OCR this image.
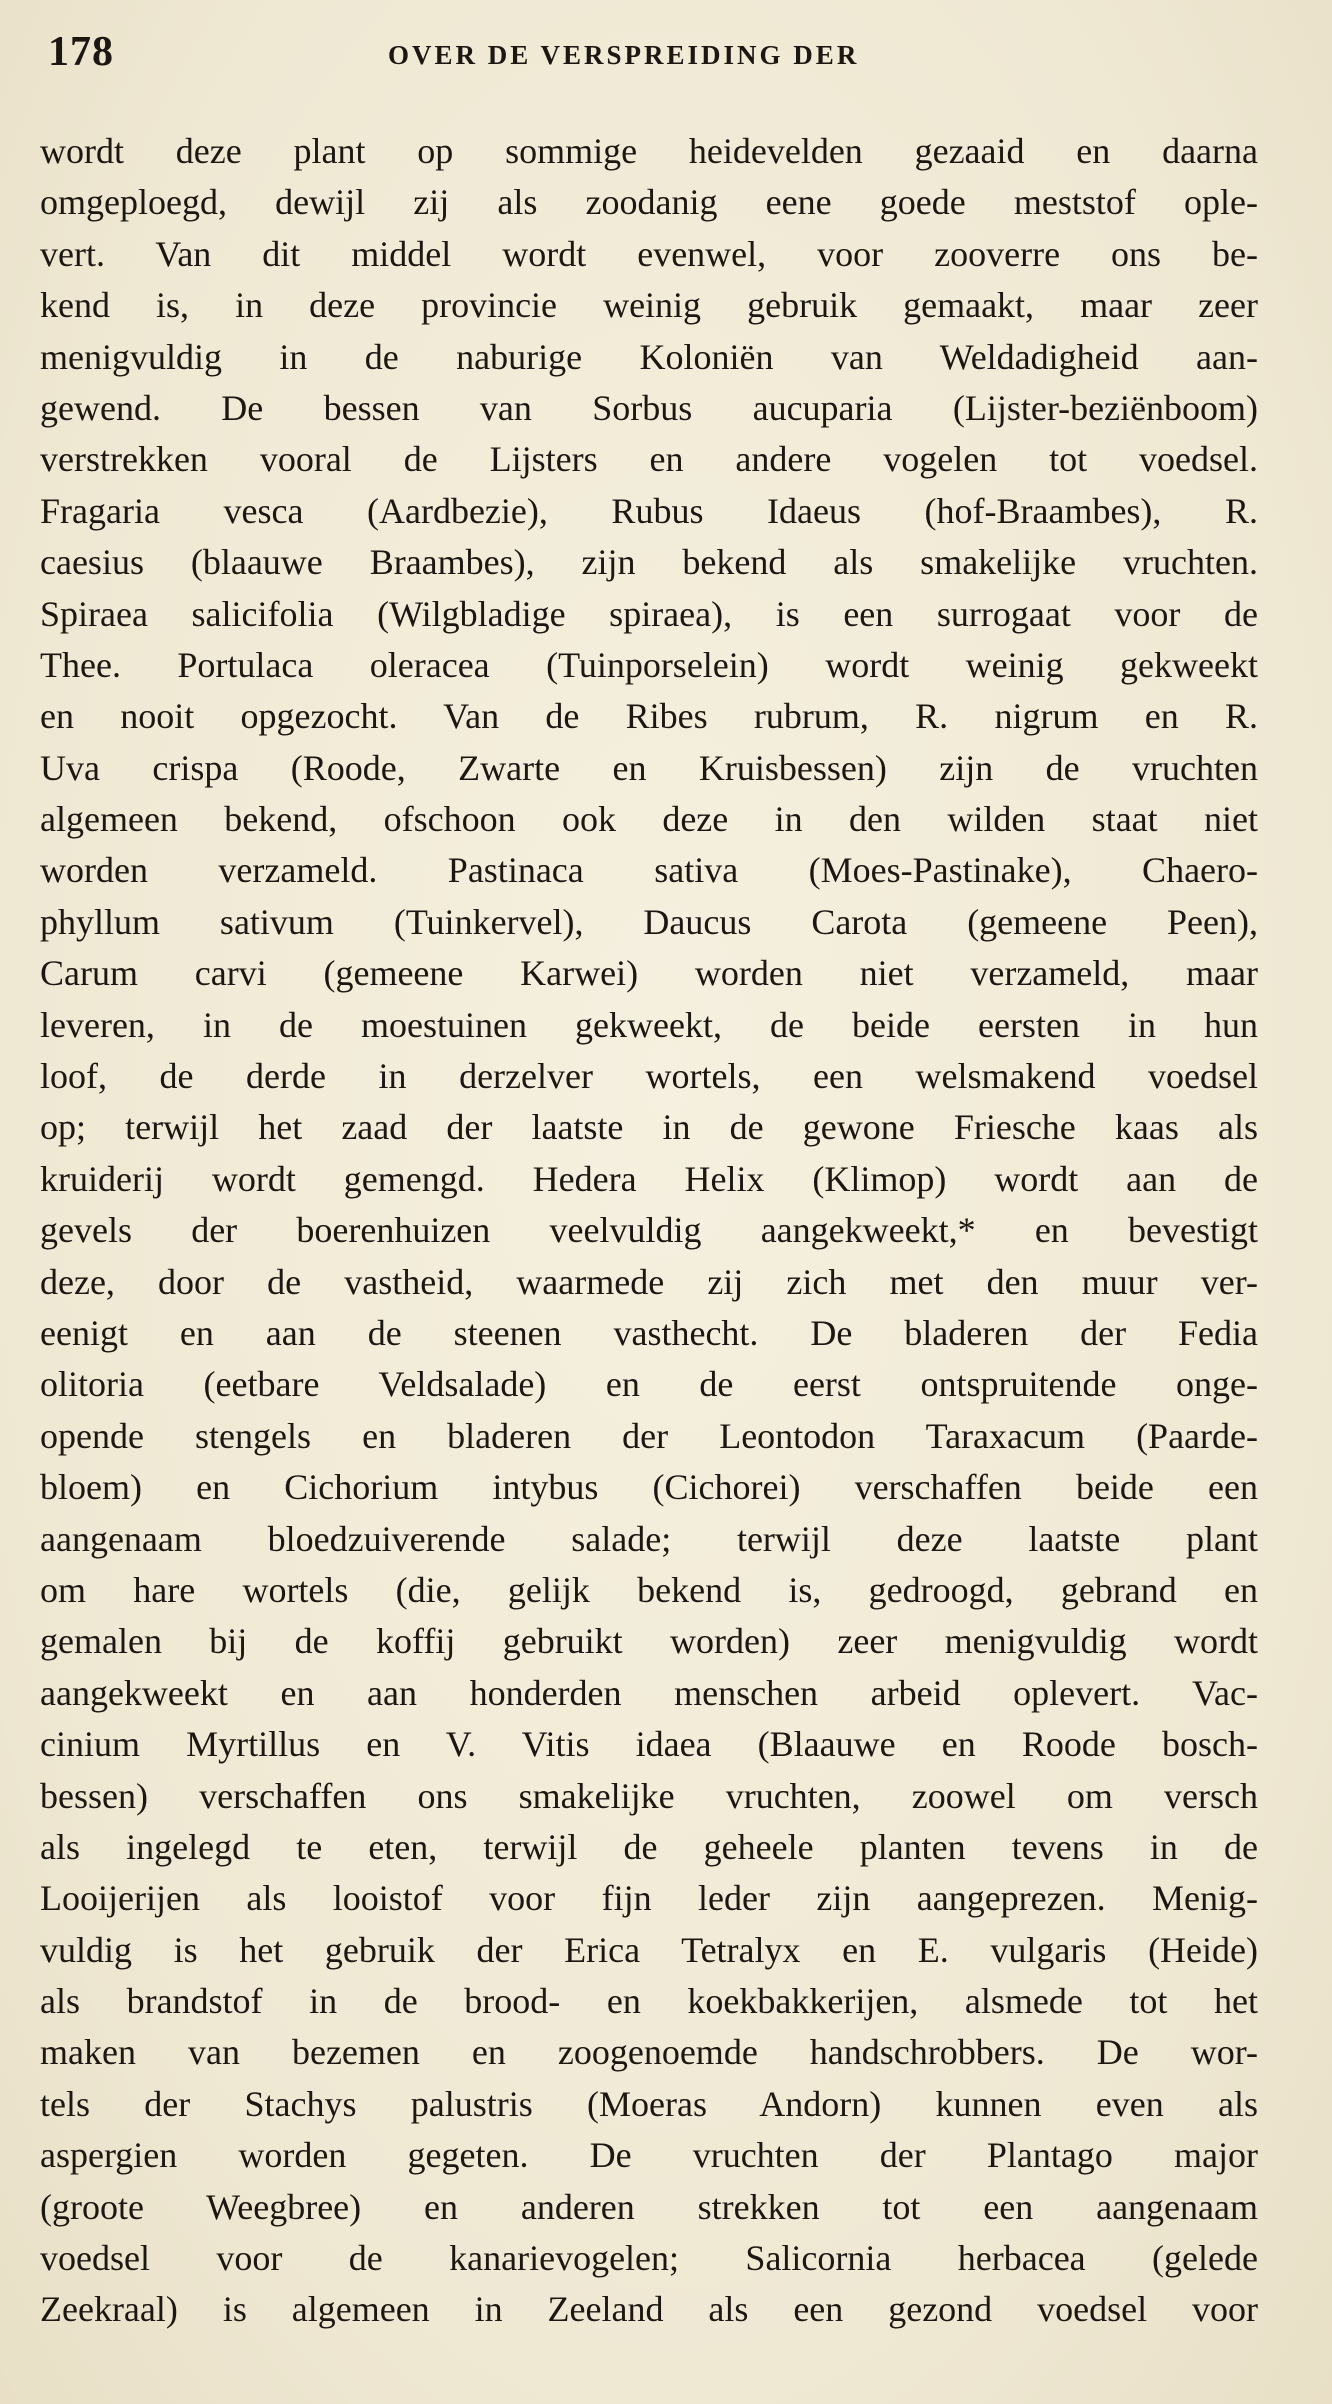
178	OVER DE VERSPREIDING DER
wordt deze plant op sommige heidevelden gezaaid en daarna
omgeploegd, dewijl zij als zoodanig eene goede meststof ople-
vert. Van dit middel wordt evenwel, voor zooverre ons be-
kend is, in deze provincie weinig gebruik gemaakt, maar zeer
menigvuldig in de naburige Koloniën van Weldadigheid aan-
gewend. De bessen van Sorbus aucuparia (Lijster-beziënboom)
verstrekken vooral de Lijsters en andere vogelen tot voedsel.
Fragaria vesca (Aardbezie), Rubus Idaeus (hof-Braambes), R.
caesius (blaauwe Braambes), zijn bekend als smakelijke vruchten.
Spiraea salicifolia (Wilgbladige spiraea), is een surrogaat voor de
Thee. Portulaca oleracea (Tuinporselein) wordt weinig gekweekt
en nooit opgezocht. Van de Ribes rubrum, R. nigrum en R.
Uva crispa (Roode, Zwarte en Kruisbessen) zijn de vruchten
algemeen bekend, ofschoon ook deze in den wilden staat niet
worden verzameld. Pastinaca sativa (Moes-Pastinake), Chaero-
phyllum sativum (Tuinkervel), Daucus Carota (gemeene Peen),
Carum carvi (gemeene Karwei) worden niet verzameld, maar
leveren, in de moestuinen gekweekt, de beide eersten in hun
loof, de derde in derzelver wortels, een welsmakend voedsel
op; terwijl het zaad der laatste in de gewone Friesche kaas als
kruiderij wordt gemengd. Hedera Helix (Klimop) wordt aan de
gevels der boerenhuizen veelvuldig aangekweekt,* en bevestigt
deze, door de vastheid, waarmede zij zich met den muur ver-
eenigt en aan de steenen vasthecht. De bladeren der Fedia
olitoria (eetbare Veldsalade) en de eerst ontspruitende onge-
opende stengels en bladeren der Leontodon Taraxacum (Paarde-
bloem) en Cichorium intybus (Cichorei) verschaffen beide een
aangenaam bloedzuiverende salade; terwijl deze laatste plant
om hare wortels (die, gelijk bekend is, gedroogd, gebrand en
gemalen bij de koffij gebruikt worden) zeer menigvuldig wordt
aangekweekt en aan honderden menschen arbeid oplevert. Vac-
cinium Myrtillus en V. Vitis idaea (Blaauwe en Roode bosch-
bessen) verschaffen ons smakelijke vruchten, zoowel om versch
als ingelegd te eten, terwijl de geheele planten tevens in de
Looijerijen als looistof voor fijn leder zijn aangeprezen. Menig-
vuldig is het gebruik der Erica Tetralyx en E. vulgaris (Heide)
als brandstof in de brood- en koekbakkerijen, alsmede tot het
maken van bezemen en zoogenoemde handschrobbers. De wor-
tels der Stachys palustris (Moeras Andorn) kunnen even als
aspergien worden gegeten. De vruchten der Plantago major
(groote Weegbree) en anderen strekken tot een aangenaam
voedsel voor de kanarievogelen; Salicornia herbacea (gelede
Zeekraal) is algemeen in Zeeland als een gezond voedsel voor
